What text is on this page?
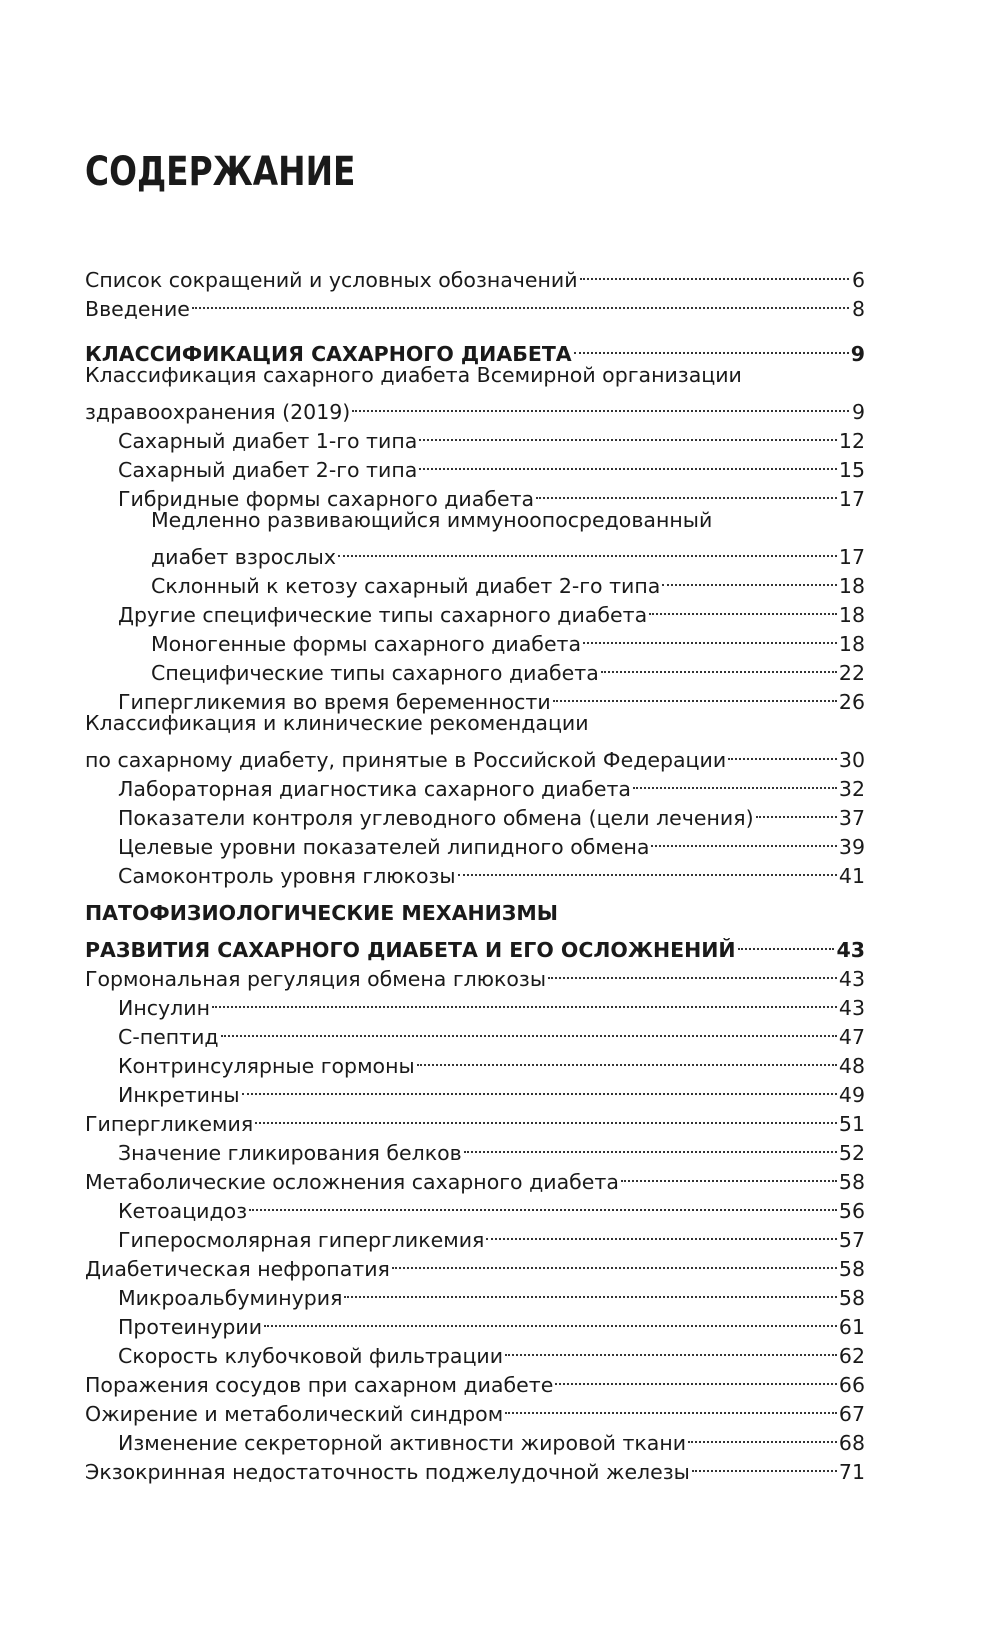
СОДЕРЖАНИЕ
Список сокращений и условных обозначений	6
Введение	8
КЛАССИФИКАЦИЯ САХАРНОГО ДИАБЕТА	9
Классификация сахарного диабета Всемирной организации
здравоохранения (2019)	9
Сахарный диабет 1-го типа	12
Сахарный диабет 2-го типа	15
Гибридные формы сахарного диабета	17
Медленно развивающийся иммуноопосредованный
диабет взрослых	17
Склонный к кетозу сахарный диабет 2-го типа	18
Другие специфические типы сахарного диабета	18
Моногенные формы сахарного диабета	18
Специфические типы сахарного диабета	22
Гипергликемия во время беременности	26
Классификация и клинические рекомендации
по сахарному диабету, принятые в Российской Федерации	30
Лабораторная диагностика сахарного диабета	32
Показатели контроля углеводного обмена (цели лечения)	37
Целевые уровни показателей липидного обмена	39
Самоконтроль уровня глюкозы	41
ПАТОФИЗИОЛОГИЧЕСКИЕ МЕХАНИЗМЫ
РАЗВИТИЯ САХАРНОГО ДИАБЕТА И ЕГО ОСЛОЖНЕНИЙ	43
Гормональная регуляция обмена глюкозы	43
Инсулин	43
С-пептид	47
Контринсулярные гормоны	48
Инкретины	49
Гипергликемия	51
Значение гликирования белков	52
Метаболические осложнения сахарного диабета	58
Кетоацидоз	56
Гиперосмолярная гипергликемия	57
Диабетическая нефропатия	58
Микроальбуминурия	58
Протеинурии	61
Скорость клубочковой фильтрации	62
Поражения сосудов при сахарном диабете	66
Ожирение и метаболический синдром	67
Изменение секреторной активности жировой ткани	68
Экзокринная недостаточность поджелудочной железы	71
